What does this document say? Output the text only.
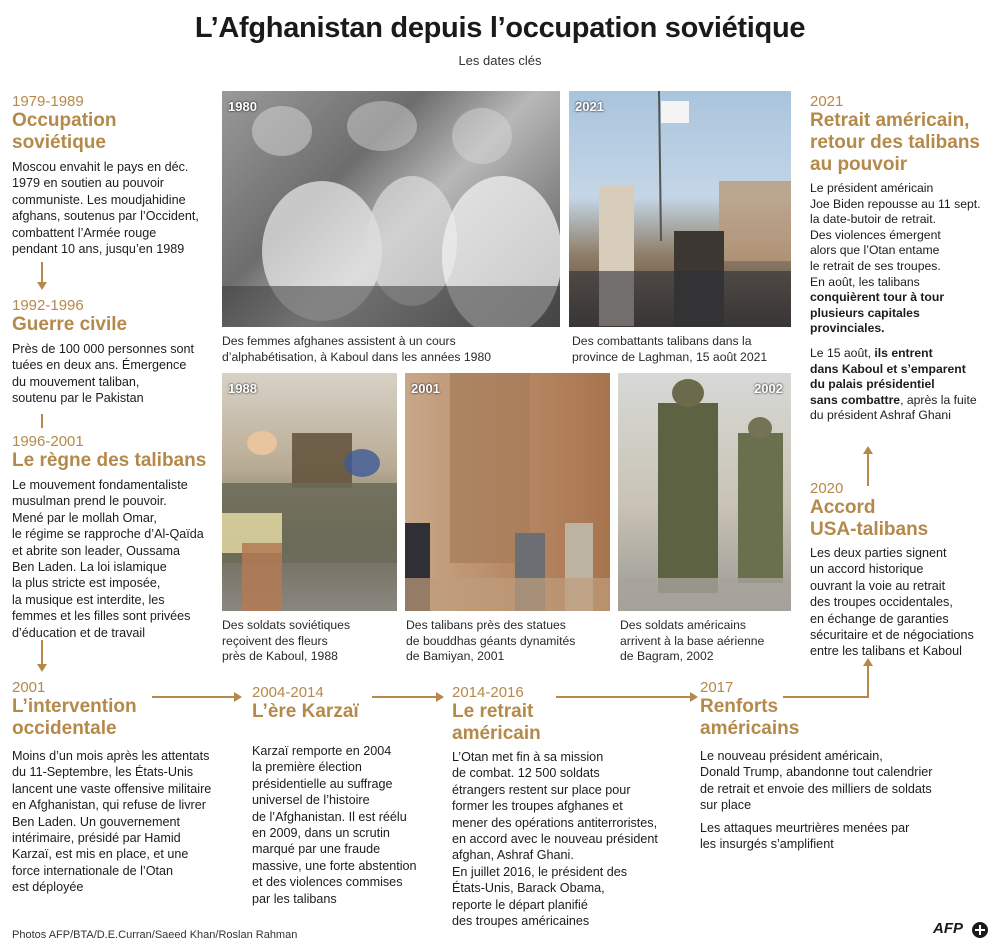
L’Afghanistan depuis l’occupation soviétique
Les dates clés
1979-1989
Occupation
soviétique
Moscou envahit le pays en déc.
1979 en soutien au pouvoir
communiste. Les moudjahidine
afghans, soutenus par l’Occident,
combattent l’Armée rouge
pendant 10 ans, jusqu’en 1989
1992-1996
Guerre civile
Près de 100 000 personnes sont
tuées en deux ans. Émergence
du mouvement taliban,
soutenu par le Pakistan
1996-2001
Le règne des talibans
Le mouvement fondamentaliste
musulman prend le pouvoir.
Mené par le mollah Omar,
le régime se rapproche d’Al-Qaïda
et abrite son leader, Oussama
Ben Laden. La loi islamique
la plus stricte est imposée,
la musique est interdite, les
femmes et les filles sont privées
d’éducation et de travail
2001
L’intervention
occidentale
Moins d’un mois après les attentats
du 11-Septembre, les États-Unis
lancent une vaste offensive militaire
en Afghanistan, qui refuse de livrer
Ben Laden. Un gouvernement
intérimaire, présidé par Hamid
Karzaï, est mis en place, et une
force internationale de l’Otan
est déployée
2004-2014
L’ère Karzaï
Karzaï remporte en 2004
la première élection
présidentielle au suffrage
universel de l’histoire
de l’Afghanistan. Il est réélu
en 2009, dans un scrutin
marqué par une fraude
massive, une forte abstention
et des violences commises
par les talibans
2014-2016
Le retrait
américain
L’Otan met fin à sa mission
de combat. 12 500 soldats
étrangers restent sur place pour
former les troupes afghanes et
mener des opérations antiterroristes,
en accord avec le nouveau président
afghan, Ashraf Ghani.
En juillet 2016, le président des
États-Unis, Barack Obama,
reporte le départ planifié
des troupes américaines
2017
Renforts
américains
Le nouveau président américain,
Donald Trump, abandonne tout calendrier
de retrait et envoie des milliers de soldats
sur place
Les attaques meurtrières menées par
les insurgés s’amplifient
2020
Accord
USA-talibans
Les deux parties signent
un accord historique
ouvrant la voie au retrait
des troupes occidentales,
en échange de garanties
sécuritaire et de négociations
entre les talibans et Kaboul
2021
Retrait américain,
retour des talibans
au pouvoir
Le président américain
Joe Biden repousse au 11 sept.
la date-butoir de retrait.
Des violences émergent
alors que l’Otan entame
le retrait de ses troupes.
En août, les talibans
conquièrent tour à tour
plusieurs capitales
provinciales.
Le 15 août, ils entrent
dans Kaboul et s’emparent
du palais présidentiel
sans combattre, après la fuite
du président Ashraf Ghani
1980
Des femmes afghanes assistent à un cours
d’alphabétisation, à Kaboul dans les années 1980
2021
Des combattants talibans dans la
province de Laghman, 15 août 2021
1988
Des soldats soviétiques
reçoivent des fleurs
près de Kaboul, 1988
2001
Des talibans près des statues
de bouddhas géants dynamités
de Bamiyan, 2001
2002
Des soldats américains
arrivent à la base aérienne
de Bagram, 2002
Photos AFP/BTA/D.E.Curran/Saeed Khan/Roslan Rahman	AFP
